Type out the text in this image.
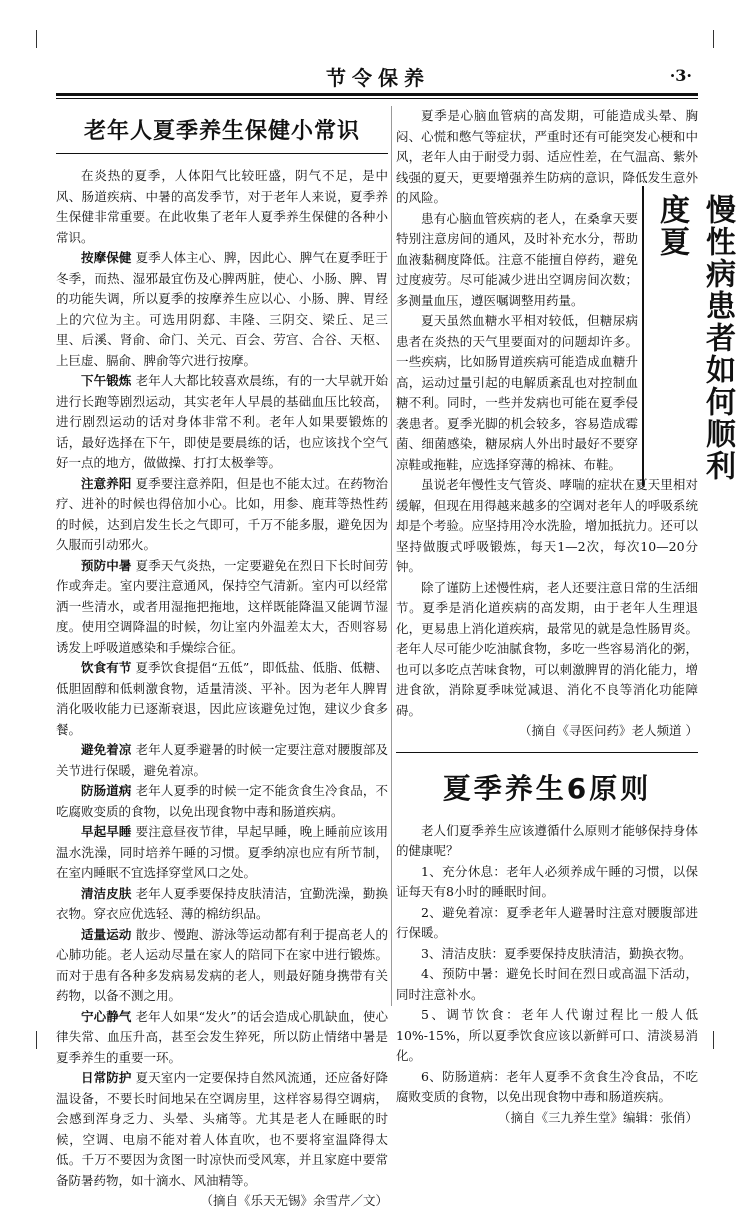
节令保养	·3·
老年人夏季养生保健小常识

在炎热的夏季，人体阳气比较旺盛，阴气不足，是中风、肠道疾病、中暑的高发季节，对于老年人来说，夏季养生保健非常重要。在此收集了老年人夏季养生保健的各种小常识。

按摩保健 夏季人体主心、脾，因此心、脾气在夏季旺于冬季，而热、湿邪最宜伤及心脾两脏，使心、小肠、脾、胃的功能失调，所以夏季的按摩养生应以心、小肠、脾、胃经上的穴位为主。可选用阴郄、丰隆、三阴交、梁丘、足三里、后溪、肾俞、命门、关元、百会、劳宫、合谷、天枢、上巨虚、膈俞、脾俞等穴进行按摩。

下午锻炼 老年人大都比较喜欢晨练，有的一大早就开始进行长跑等剧烈运动，其实老年人早晨的基础血压比较高，进行剧烈运动的话对身体非常不利。老年人如果要锻炼的话，最好选择在下午，即使是要晨练的话，也应该找个空气好一点的地方，做做操、打打太极拳等。

注意养阳 夏季要注意养阳，但是也不能太过。在药物治疗、进补的时候也得倍加小心。比如，用参、鹿茸等热性药的时候，达到启发生长之气即可，千万不能多服，避免因为久服而引动邪火。

预防中暑 夏季天气炎热，一定要避免在烈日下长时间劳作或奔走。室内要注意通风，保持空气清新。室内可以经常洒一些清水，或者用湿拖把拖地，这样既能降温又能调节湿度。使用空调降温的时候，勿让室内外温差太大，否则容易诱发上呼吸道感染和手燥综合征。

饮食有节 夏季饮食提倡“五低”，即低盐、低脂、低糖、低胆固醇和低刺激食物，适量清淡、平补。因为老年人脾胃消化吸收能力已逐渐衰退，因此应该避免过饱，建议少食多餐。

避免着凉 老年人夏季避暑的时候一定要注意对腰腹部及关节进行保暖，避免着凉。

防肠道病 老年人夏季的时候一定不能贪食生冷食品，不吃腐败变质的食物，以免出现食物中毒和肠道疾病。

早起早睡 要注意昼夜节律，早起早睡，晚上睡前应该用温水洗澡，同时培养午睡的习惯。夏季纳凉也应有所节制，在室内睡眠不宜选择穿堂风口之处。

清洁皮肤 老年人夏季要保持皮肤清洁，宜勤洗澡，勤换衣物。穿衣应优选轻、薄的棉纺织品。

适量运动 散步、慢跑、游泳等运动都有利于提高老人的心肺功能。老人运动尽量在家人的陪同下在家中进行锻炼。而对于患有各种多发病易发病的老人，则最好随身携带有关药物，以备不测之用。

宁心静气 老年人如果“发火”的话会造成心肌缺血，使心律失常、血压升高，甚至会发生猝死，所以防止情绪中暑是夏季养生的重要一环。

日常防护 夏天室内一定要保持自然风流通，还应备好降温设备，不要长时间地呆在空调房里，这样容易得空调病，会感到浑身乏力、头晕、头痛等。尤其是老人在睡眠的时候，空调、电扇不能对着人体直吹，也不要将室温降得太低。千万不要因为贪图一时凉快而受风寒，并且家庭中要常备防暑药物，如十滴水、风油精等。

（摘自《乐天无锡》余雪芹／文）

夏季是心脑血管病的高发期，可能造成头晕、胸闷、心慌和憋气等症状，严重时还有可能突发心梗和中风，老年人由于耐受力弱、适应性差，在气温高、紫外线强的夏天，更要增强养生防病的意识，降低发生意外的风险。	慢性病患者如何顺利度夏

患有心脑血管疾病的老人，在桑拿天要特别注意房间的通风，及时补充水分，帮助血液黏稠度降低。注意不能擅自停药，避免过度疲劳。尽可能减少进出空调房间次数；多测量血压，遵医嘱调整用药量。

夏天虽然血糖水平相对较低，但糖尿病患者在炎热的天气里要面对的问题却许多。一些疾病，比如肠胃道疾病可能造成血糖升高，运动过量引起的电解质紊乱也对控制血糖不利。同时，一些并发病也可能在夏季侵袭患者。夏季光脚的机会较多，容易造成霉菌、细菌感染，糖尿病人外出时最好不要穿凉鞋或拖鞋，应选择穿薄的棉袜、布鞋。

虽说老年慢性支气管炎、哮喘的症状在夏天里相对缓解，但现在用得越来越多的空调对老年人的呼吸系统却是个考验。应坚持用冷水洗脸，增加抵抗力。还可以坚持做腹式呼吸锻炼，每天1—2次，每次10—20分钟。

除了谨防上述慢性病，老人还要注意日常的生活细节。夏季是消化道疾病的高发期，由于老年人生理退化，更易患上消化道疾病，最常见的就是急性肠胃炎。老年人尽可能少吃油腻食物，多吃一些容易消化的粥，也可以多吃点苦味食物，可以刺激脾胃的消化能力，增进食欲，消除夏季味觉减退、消化不良等消化功能障碍。

（摘自《寻医问药》老人频道 ）

夏季养生6原则

老人们夏季养生应该遵循什么原则才能够保持身体的健康呢？

1、充分休息：老年人必须养成午睡的习惯，以保证每天有8小时的睡眠时间。

2、避免着凉：夏季老年人避暑时注意对腰腹部进行保暖。

3、清洁皮肤：夏季要保持皮肤清洁，勤换衣物。

4、预防中暑：避免长时间在烈日或高温下活动，同时注意补水。

5、调节饮食：老年人代谢过程比一般人低10%-15%，所以夏季饮食应该以新鲜可口、清淡易消化。

6、防肠道病：老年人夏季不贪食生冷食品，不吃腐败变质的食物，以免出现食物中毒和肠道疾病。

（摘自《三九养生堂》编辑：张俏）
